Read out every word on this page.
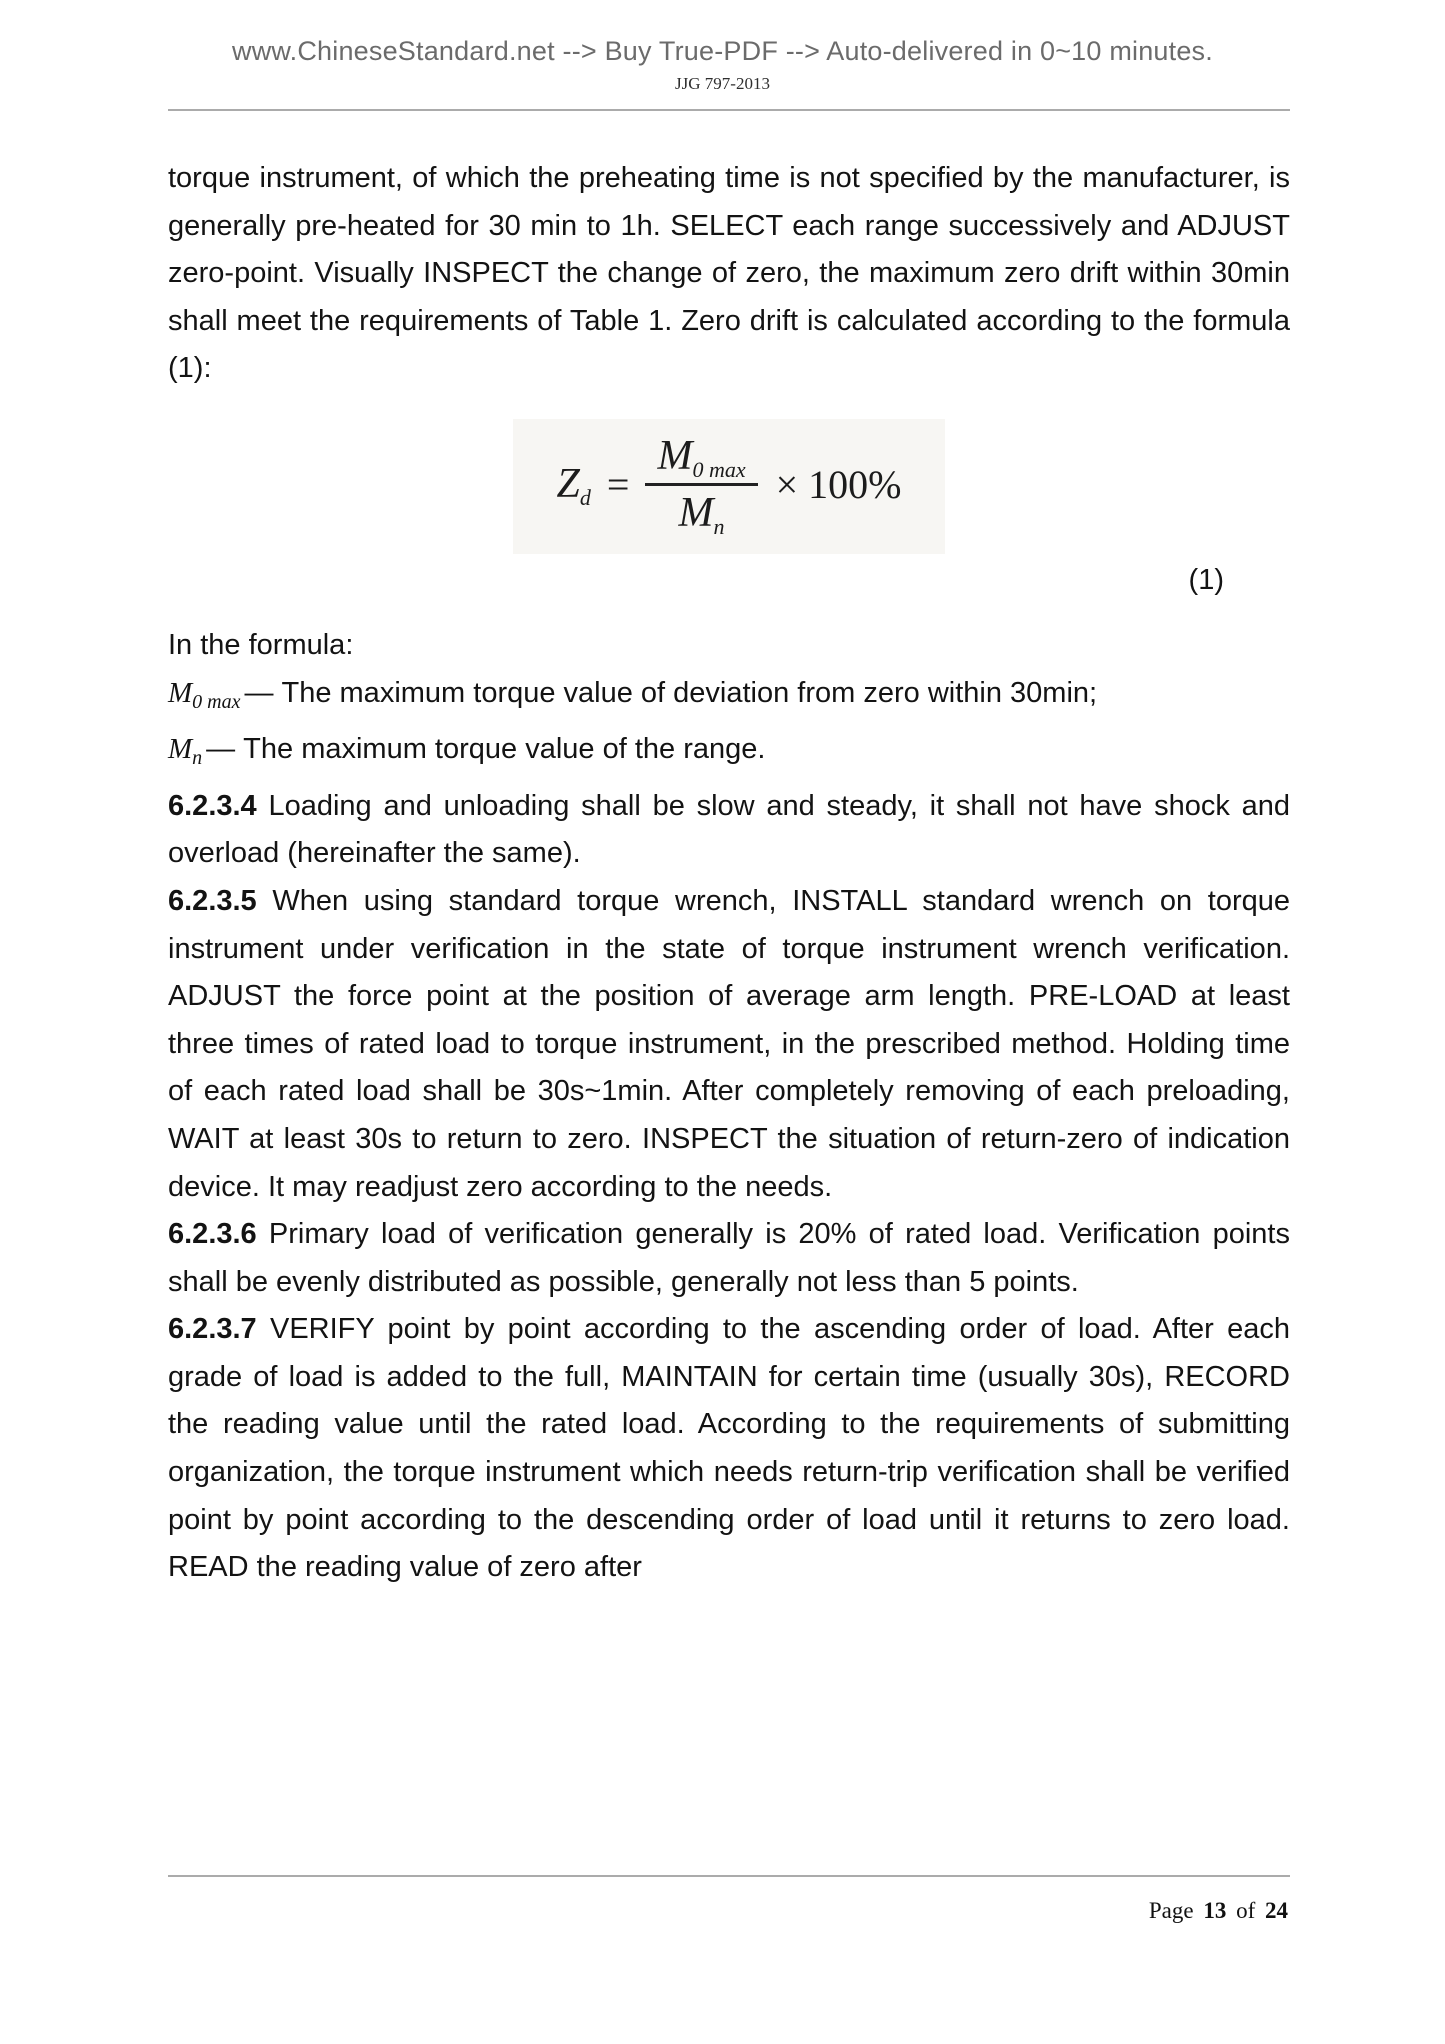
www.ChineseStandard.net --> Buy True-PDF --> Auto-delivered in 0~10 minutes.
JJG 797-2013

torque instrument, of which the preheating time is not specified by the manufacturer, is generally pre-heated for 30 min to 1h. SELECT each range successively and ADJUST zero-point. Visually INSPECT the change of zero, the maximum zero drift within 30min shall meet the requirements of Table 1. Zero drift is calculated according to the formula (1):

$Z_d = \frac{M_{0 max}}{M_n} \times 100\%$
(1)

In the formula:

$M_{0 max}$ — The maximum torque value of deviation from zero within 30min;

$M_n$ — The maximum torque value of the range.

6.2.3.4 Loading and unloading shall be slow and steady, it shall not have shock and overload (hereinafter the same).

6.2.3.5 When using standard torque wrench, INSTALL standard wrench on torque instrument under verification in the state of torque instrument wrench verification. ADJUST the force point at the position of average arm length. PRE-LOAD at least three times of rated load to torque instrument, in the prescribed method. Holding time of each rated load shall be 30s~1min. After completely removing of each preloading, WAIT at least 30s to return to zero. INSPECT the situation of return-zero of indication device. It may readjust zero according to the needs.

6.2.3.6 Primary load of verification generally is 20% of rated load. Verification points shall be evenly distributed as possible, generally not less than 5 points.

6.2.3.7 VERIFY point by point according to the ascending order of load. After each grade of load is added to the full, MAINTAIN for certain time (usually 30s), RECORD the reading value until the rated load. According to the requirements of submitting organization, the torque instrument which needs return-trip verification shall be verified point by point according to the descending order of load until it returns to zero load. READ the reading value of zero after

Page 13 of 24
